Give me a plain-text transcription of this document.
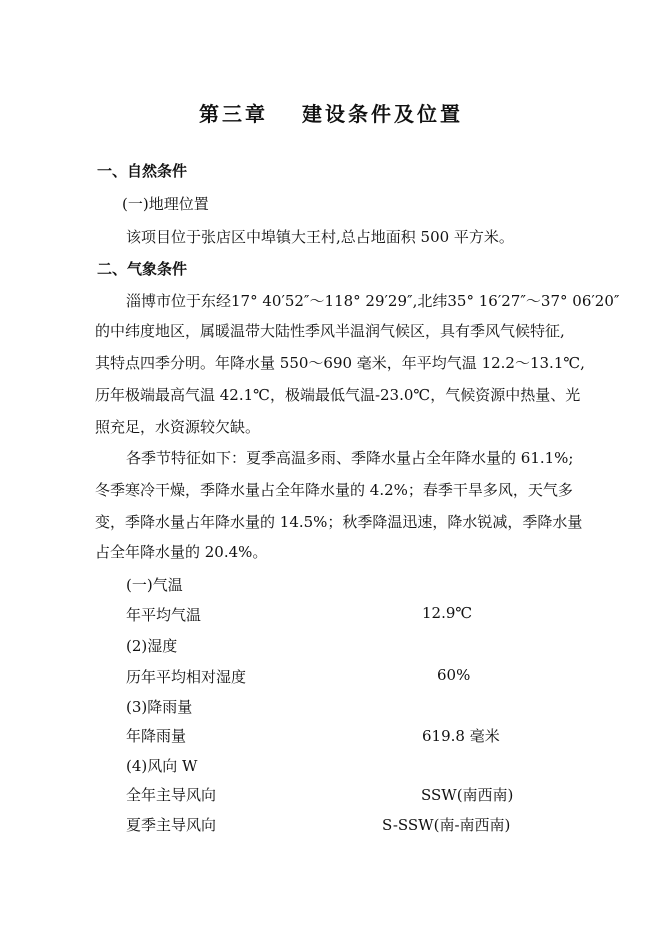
第三章 建设条件及位置
一、自然条件
(一)地理位置
该项目位于张店区中埠镇大王村,总占地面积 500 平方米。
二、气象条件
淄博市位于东经17° 40′52″～118° 29′29″,北纬35° 16′27″～37° 06′20″
的中纬度地区，属暖温带大陆性季风半温润气候区，具有季风气候特征,
其特点四季分明。年降水量 550～690 毫米，年平均气温 12.2～13.1℃,
历年极端最高气温 42.1℃，极端最低气温-23.0℃，气候资源中热量、光
照充足，水资源较欠缺。
各季节特征如下：夏季高温多雨、季降水量占全年降水量的 61.1%;
冬季寒冷干燥，季降水量占全年降水量的 4.2%；春季干旱多风，天气多
变，季降水量占年降水量的 14.5%；秋季降温迅速，降水锐减，季降水量
占全年降水量的 20.4%。
(一)气温
年平均气温	12.9℃
(2)湿度
历年平均相对湿度	60%
(3)降雨量
年降雨量	619.8 毫米
(4)风向 W
全年主导风向	SSW(南西南)
夏季主导风向	S-SSW(南-南西南)
